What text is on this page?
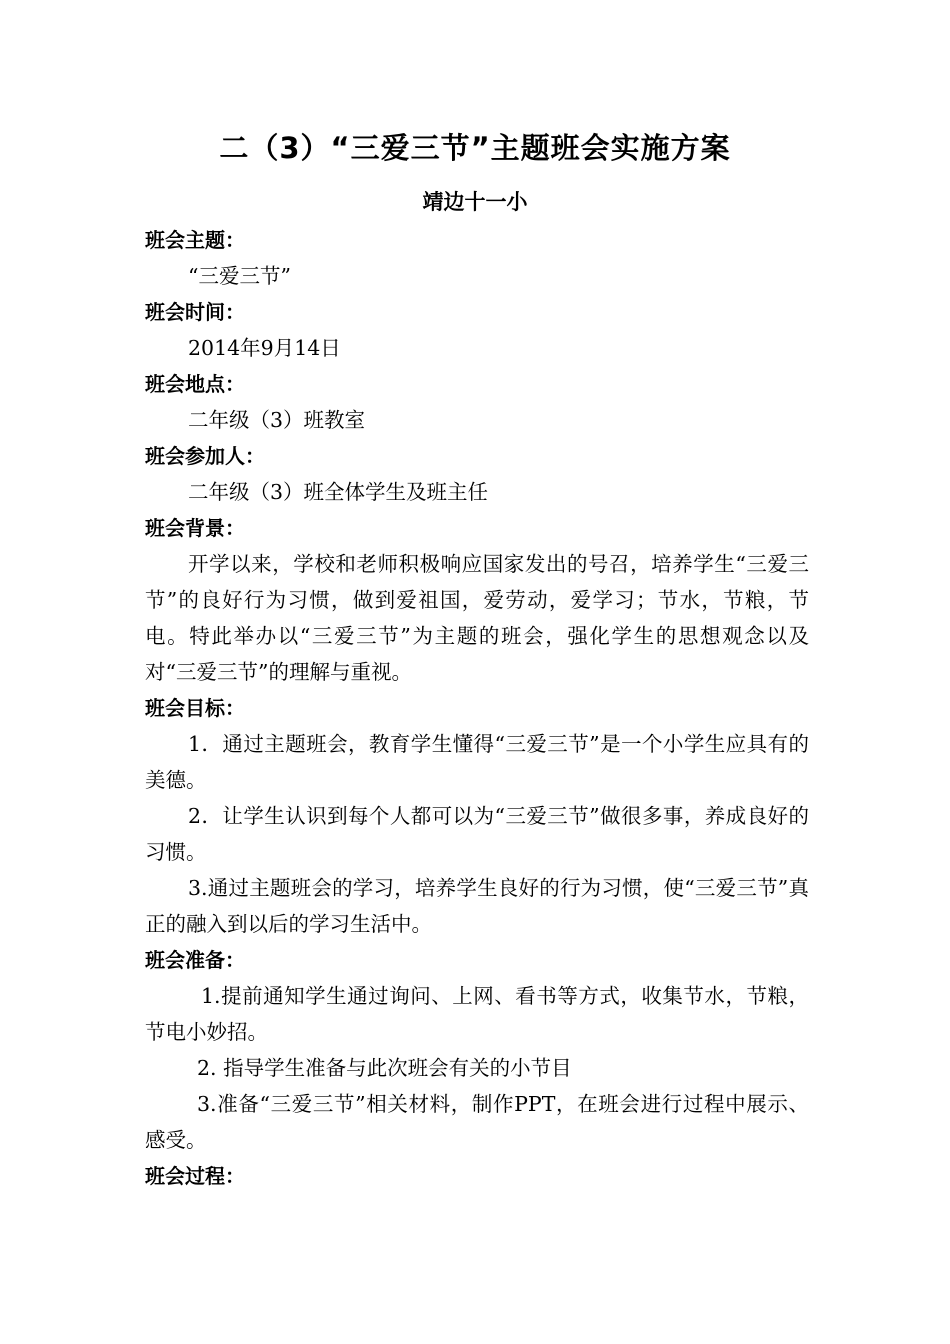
二（3）“三爱三节”主题班会实施方案
靖边十一小
班会主题：

“三爱三节”

班会时间：

2014年9月14日

班会地点：

二年级（3）班教室

班会参加人：

二年级（3）班全体学生及班主任

班会背景：

开学以来，学校和老师积极响应国家发出的号召，培养学生“三爱三节”的良好行为习惯，做到爱祖国，爱劳动，爱学习；节水，节粮，节电。特此举办以“三爱三节”为主题的班会，强化学生的思想观念以及对“三爱三节”的理解与重视。

班会目标：

1．通过主题班会，教育学生懂得“三爱三节”是一个小学生应具有的美德。

2．让学生认识到每个人都可以为“三爱三节”做很多事，养成良好的习惯。

3.通过主题班会的学习，培养学生良好的行为习惯，使“三爱三节”真正的融入到以后的学习生活中。

班会准备：

1.提前通知学生通过询问、上网、看书等方式，收集节水，节粮，节电小妙招。

2. 指导学生准备与此次班会有关的小节目

3.准备“三爱三节”相关材料，制作PPT，在班会进行过程中展示、感受。

班会过程：
